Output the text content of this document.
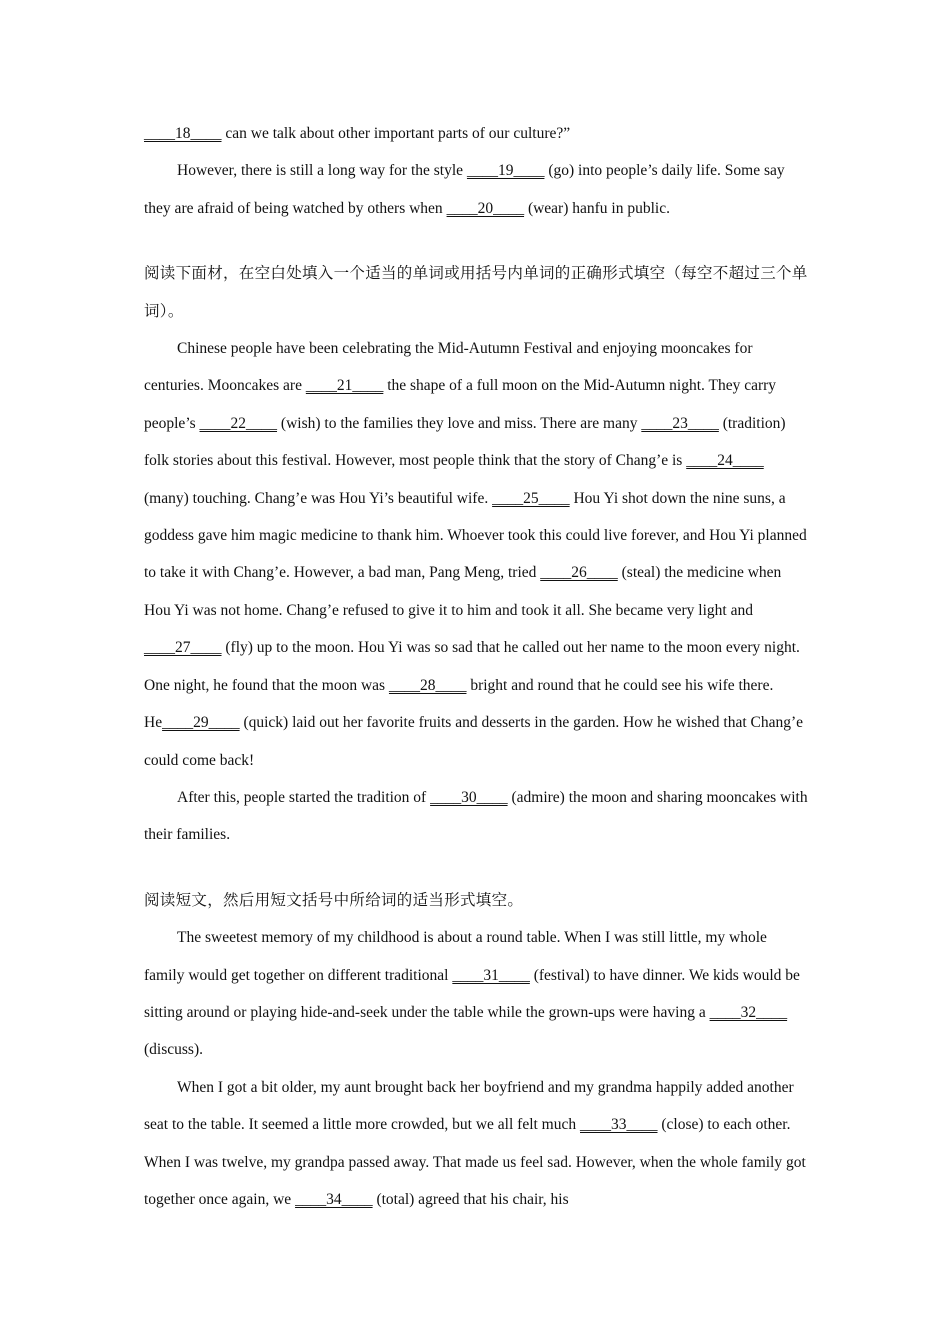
____18____ can we talk about other important parts of our culture?”

However, there is still a long way for the style ____19____ (go) into people’s daily life. Some say they are afraid of being watched by others when ____20____ (wear) hanfu in public.

阅读下面材，在空白处填入一个适当的单词或用括号内单词的正确形式填空（每空不超过三个单词）。

Chinese people have been celebrating the Mid-Autumn Festival and enjoying mooncakes for centuries. Mooncakes are ____21____ the shape of a full moon on the Mid-Autumn night. They carry people’s ____22____ (wish) to the families they love and miss. There are many ____23____ (tradition) folk stories about this festival. However, most people think that the story of Chang’e is ____24____ (many) touching. Chang’e was Hou Yi’s beautiful wife. ____25____ Hou Yi shot down the nine suns, a goddess gave him magic medicine to thank him. Whoever took this could live forever, and Hou Yi planned to take it with Chang’e. However, a bad man, Pang Meng, tried ____26____ (steal) the medicine when Hou Yi was not home. Chang’e refused to give it to him and took it all. She became very light and ____27____ (fly) up to the moon. Hou Yi was so sad that he called out her name to the moon every night. One night, he found that the moon was ____28____ bright and round that he could see his wife there. He____29____ (quick) laid out her favorite fruits and desserts in the garden. How he wished that Chang’e could come back!

After this, people started the tradition of ____30____ (admire) the moon and sharing mooncakes with their families.

阅读短文，然后用短文括号中所给词的适当形式填空。

The sweetest memory of my childhood is about a round table. When I was still little, my whole family would get together on different traditional ____31____ (festival) to have dinner. We kids would be sitting around or playing hide-and-seek under the table while the grown-ups were having a ____32____ (discuss).

When I got a bit older, my aunt brought back her boyfriend and my grandma happily added another seat to the table. It seemed a little more crowded, but we all felt much ____33____ (close) to each other. When I was twelve, my grandpa passed away. That made us feel sad. However, when the whole family got together once again, we ____34____ (total) agreed that his chair, his
